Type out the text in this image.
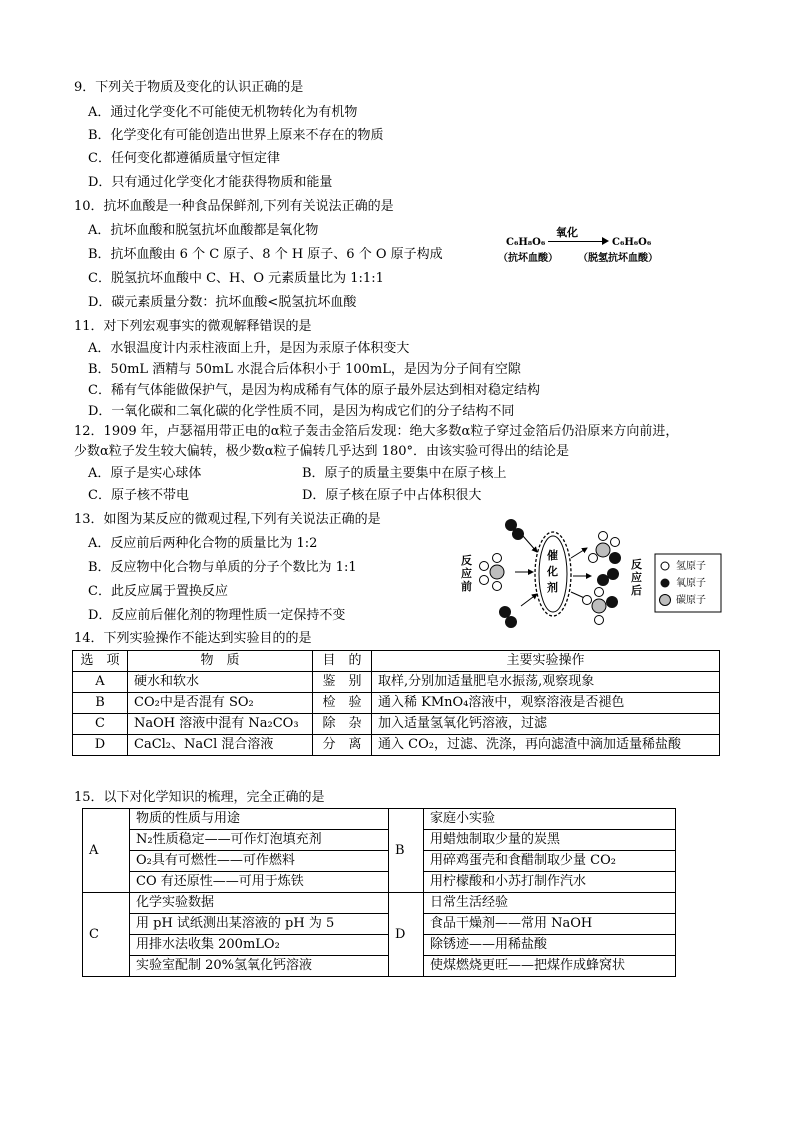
9．下列关于物质及变化的认识正确的是
A．通过化学变化不可能使无机物转化为有机物
B．化学变化有可能创造出世界上原来不存在的物质
C．任何变化都遵循质量守恒定律
D．只有通过化学变化才能获得物质和能量
10．抗坏血酸是一种食品保鲜剂,下列有关说法正确的是
A．抗坏血酸和脱氢抗坏血酸都是氧化物
B．抗坏血酸由 6 个 C 原子、8 个 H 原子、6 个 O 原子构成
C．脱氢抗坏血酸中 C、H、O 元素质量比为 1:1:1
D．碳元素质量分数：抗坏血酸<脱氢抗坏血酸
C₆H₈O₆
（抗坏血酸）
氧化
C₆H₆O₆
（脱氢抗坏血酸）
11．对下列宏观事实的微观解释错误的是
A．水银温度计内汞柱液面上升，是因为汞原子体积变大
B．50mL 酒精与 50mL 水混合后体积小于 100mL，是因为分子间有空隙
C．稀有气体能做保护气，是因为构成稀有气体的原子最外层达到相对稳定结构
D．一氧化碳和二氧化碳的化学性质不同，是因为构成它们的分子结构不同
12．1909 年，卢瑟福用带正电的α粒子轰击金箔后发现：绝大多数α粒子穿过金箔后仍沿原来方向前进，
少数α粒子发生较大偏转，极少数α粒子偏转几乎达到 180°．由该实验可得出的结论是
A．原子是实心球体	B．原子的质量主要集中在原子核上
C．原子核不带电	D．原子核在原子中占体积很大
13．如图为某反应的微观过程,下列有关说法正确的是
A．反应前后两种化合物的质量比为 1:2
B．反应物中化合物与单质的分子个数比为 1:1
C．此反应属于置换反应
D．反应前后催化剂的物理性质一定保持不变
反应前
催化剂
反应后
氢原子
氧原子
碳原子
14．下列实验操作不能达到实验目的的是
选　项	物　质	目　的	主要实验操作
A	硬水和软水	鉴　别	取样,分别加适量肥皂水振荡,观察现象
B	CO₂中是否混有 SO₂	检　验	通入稀 KMnO₄溶液中，观察溶液是否褪色
C	NaOH 溶液中混有 Na₂CO₃	除　杂	加入适量氢氧化钙溶液，过滤
D	CaCl₂、NaCl 混合溶液	分　离	通入 CO₂，过滤、洗涤，再向滤渣中滴加适量稀盐酸
15．以下对化学知识的梳理，完全正确的是
A	物质的性质与用途	B	家庭小实验
	N₂性质稳定——可作灯泡填充剂		用蜡烛制取少量的炭黑
	O₂具有可燃性——可作燃料		用碎鸡蛋壳和食醋制取少量 CO₂
	CO 有还原性——可用于炼铁		用柠檬酸和小苏打制作汽水
C	化学实验数据	D	日常生活经验
	用 pH 试纸测出某溶液的 pH 为 5		食品干燥剂——常用 NaOH
	用排水法收集 200mLO₂		除锈迹——用稀盐酸
	实验室配制 20%氢氧化钙溶液		使煤燃烧更旺——把煤作成蜂窝状
